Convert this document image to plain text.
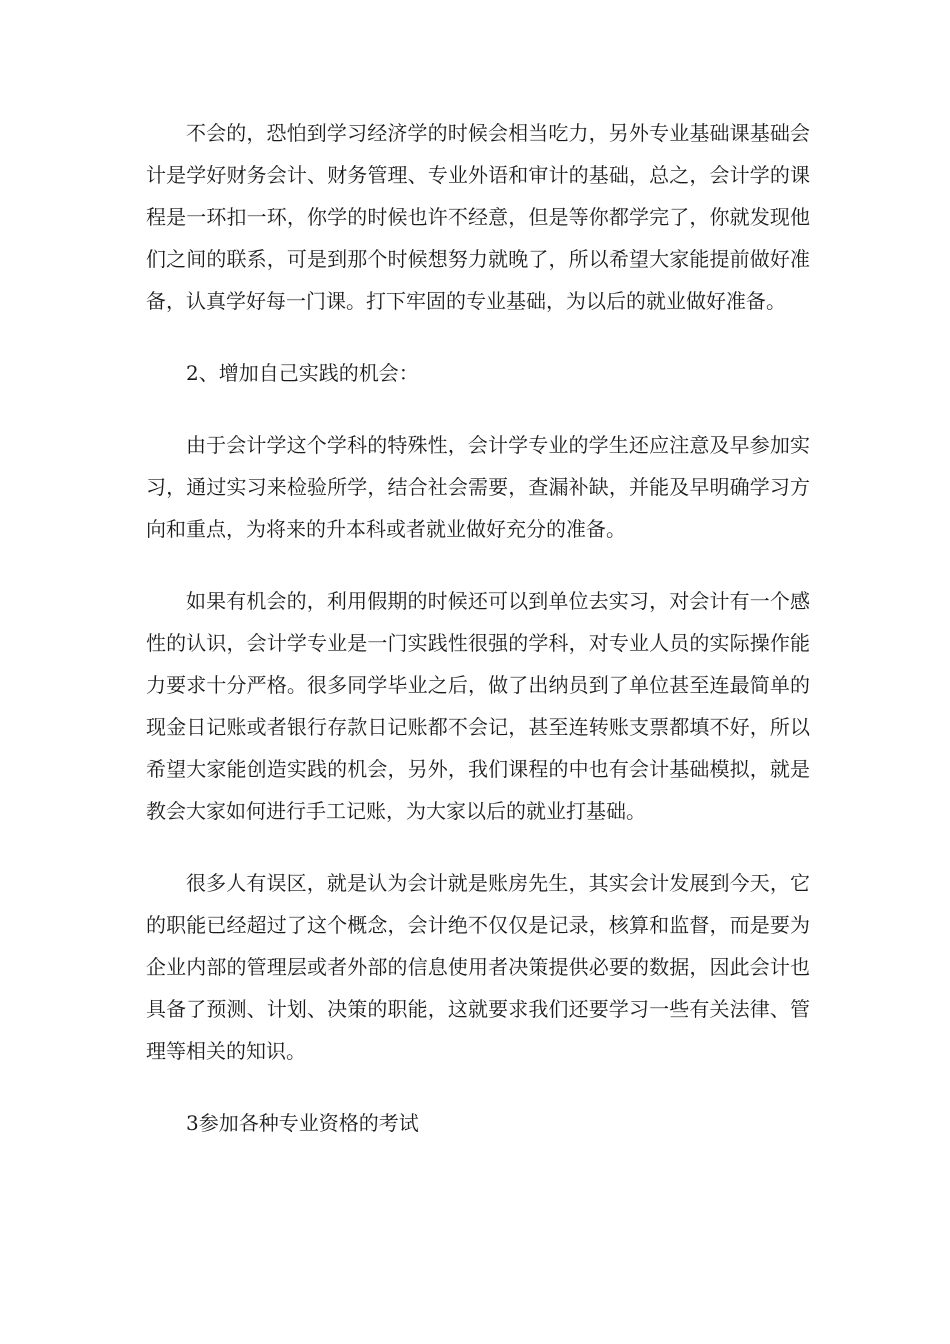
不会的，恐怕到学习经济学的时候会相当吃力，另外专业基础课基础会计是学好财务会计、财务管理、专业外语和审计的基础，总之，会计学的课程是一环扣一环，你学的时候也许不经意，但是等你都学完了，你就发现他们之间的联系，可是到那个时候想努力就晚了，所以希望大家能提前做好准备，认真学好每一门课。打下牢固的专业基础，为以后的就业做好准备。

2、增加自己实践的机会：

由于会计学这个学科的特殊性，会计学专业的学生还应注意及早参加实习，通过实习来检验所学，结合社会需要，查漏补缺，并能及早明确学习方向和重点，为将来的升本科或者就业做好充分的准备。

如果有机会的，利用假期的时候还可以到单位去实习，对会计有一个感性的认识，会计学专业是一门实践性很强的学科，对专业人员的实际操作能力要求十分严格。很多同学毕业之后，做了出纳员到了单位甚至连最简单的现金日记账或者银行存款日记账都不会记，甚至连转账支票都填不好，所以希望大家能创造实践的机会，另外，我们课程的中也有会计基础模拟，就是教会大家如何进行手工记账，为大家以后的就业打基础。

很多人有误区，就是认为会计就是账房先生，其实会计发展到今天，它的职能已经超过了这个概念，会计绝不仅仅是记录，核算和监督，而是要为企业内部的管理层或者外部的信息使用者决策提供必要的数据，因此会计也具备了预测、计划、决策的职能，这就要求我们还要学习一些有关法律、管理等相关的知识。

3参加各种专业资格的考试
